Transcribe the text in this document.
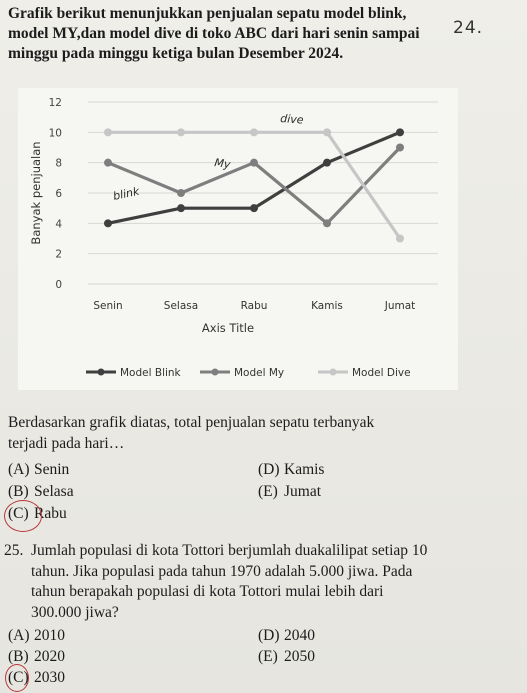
Grafik berikut menunjukkan penjualan sepatu model blink,
model MY,dan model dive di toko ABC dari hari senin sampai
minggu pada minggu ketiga bulan Desember 2024.
24.
0
2
4
6
8
10
12
Banyak penjualan
Senin	Selasa	Rabu	Kamis	Jumat
Axis Title
blink
My
dive
Model Blink	Model My	Model Dive
Berdasarkan grafik diatas, total penjualan sepatu terbanyak
terjadi pada hari…
(A) Senin
(B) Selasa
(C) Rabu
(D) Kamis
(E) Jumat
25. Jumlah populasi di kota Tottori berjumlah duakalilipat setiap 10
tahun. Jika populasi pada tahun 1970 adalah 5.000 jiwa. Pada
tahun berapakah populasi di kota Tottori mulai lebih dari
300.000 jiwa?
(A) 2010
(B) 2020
(C) 2030
(D) 2040
(E) 2050
